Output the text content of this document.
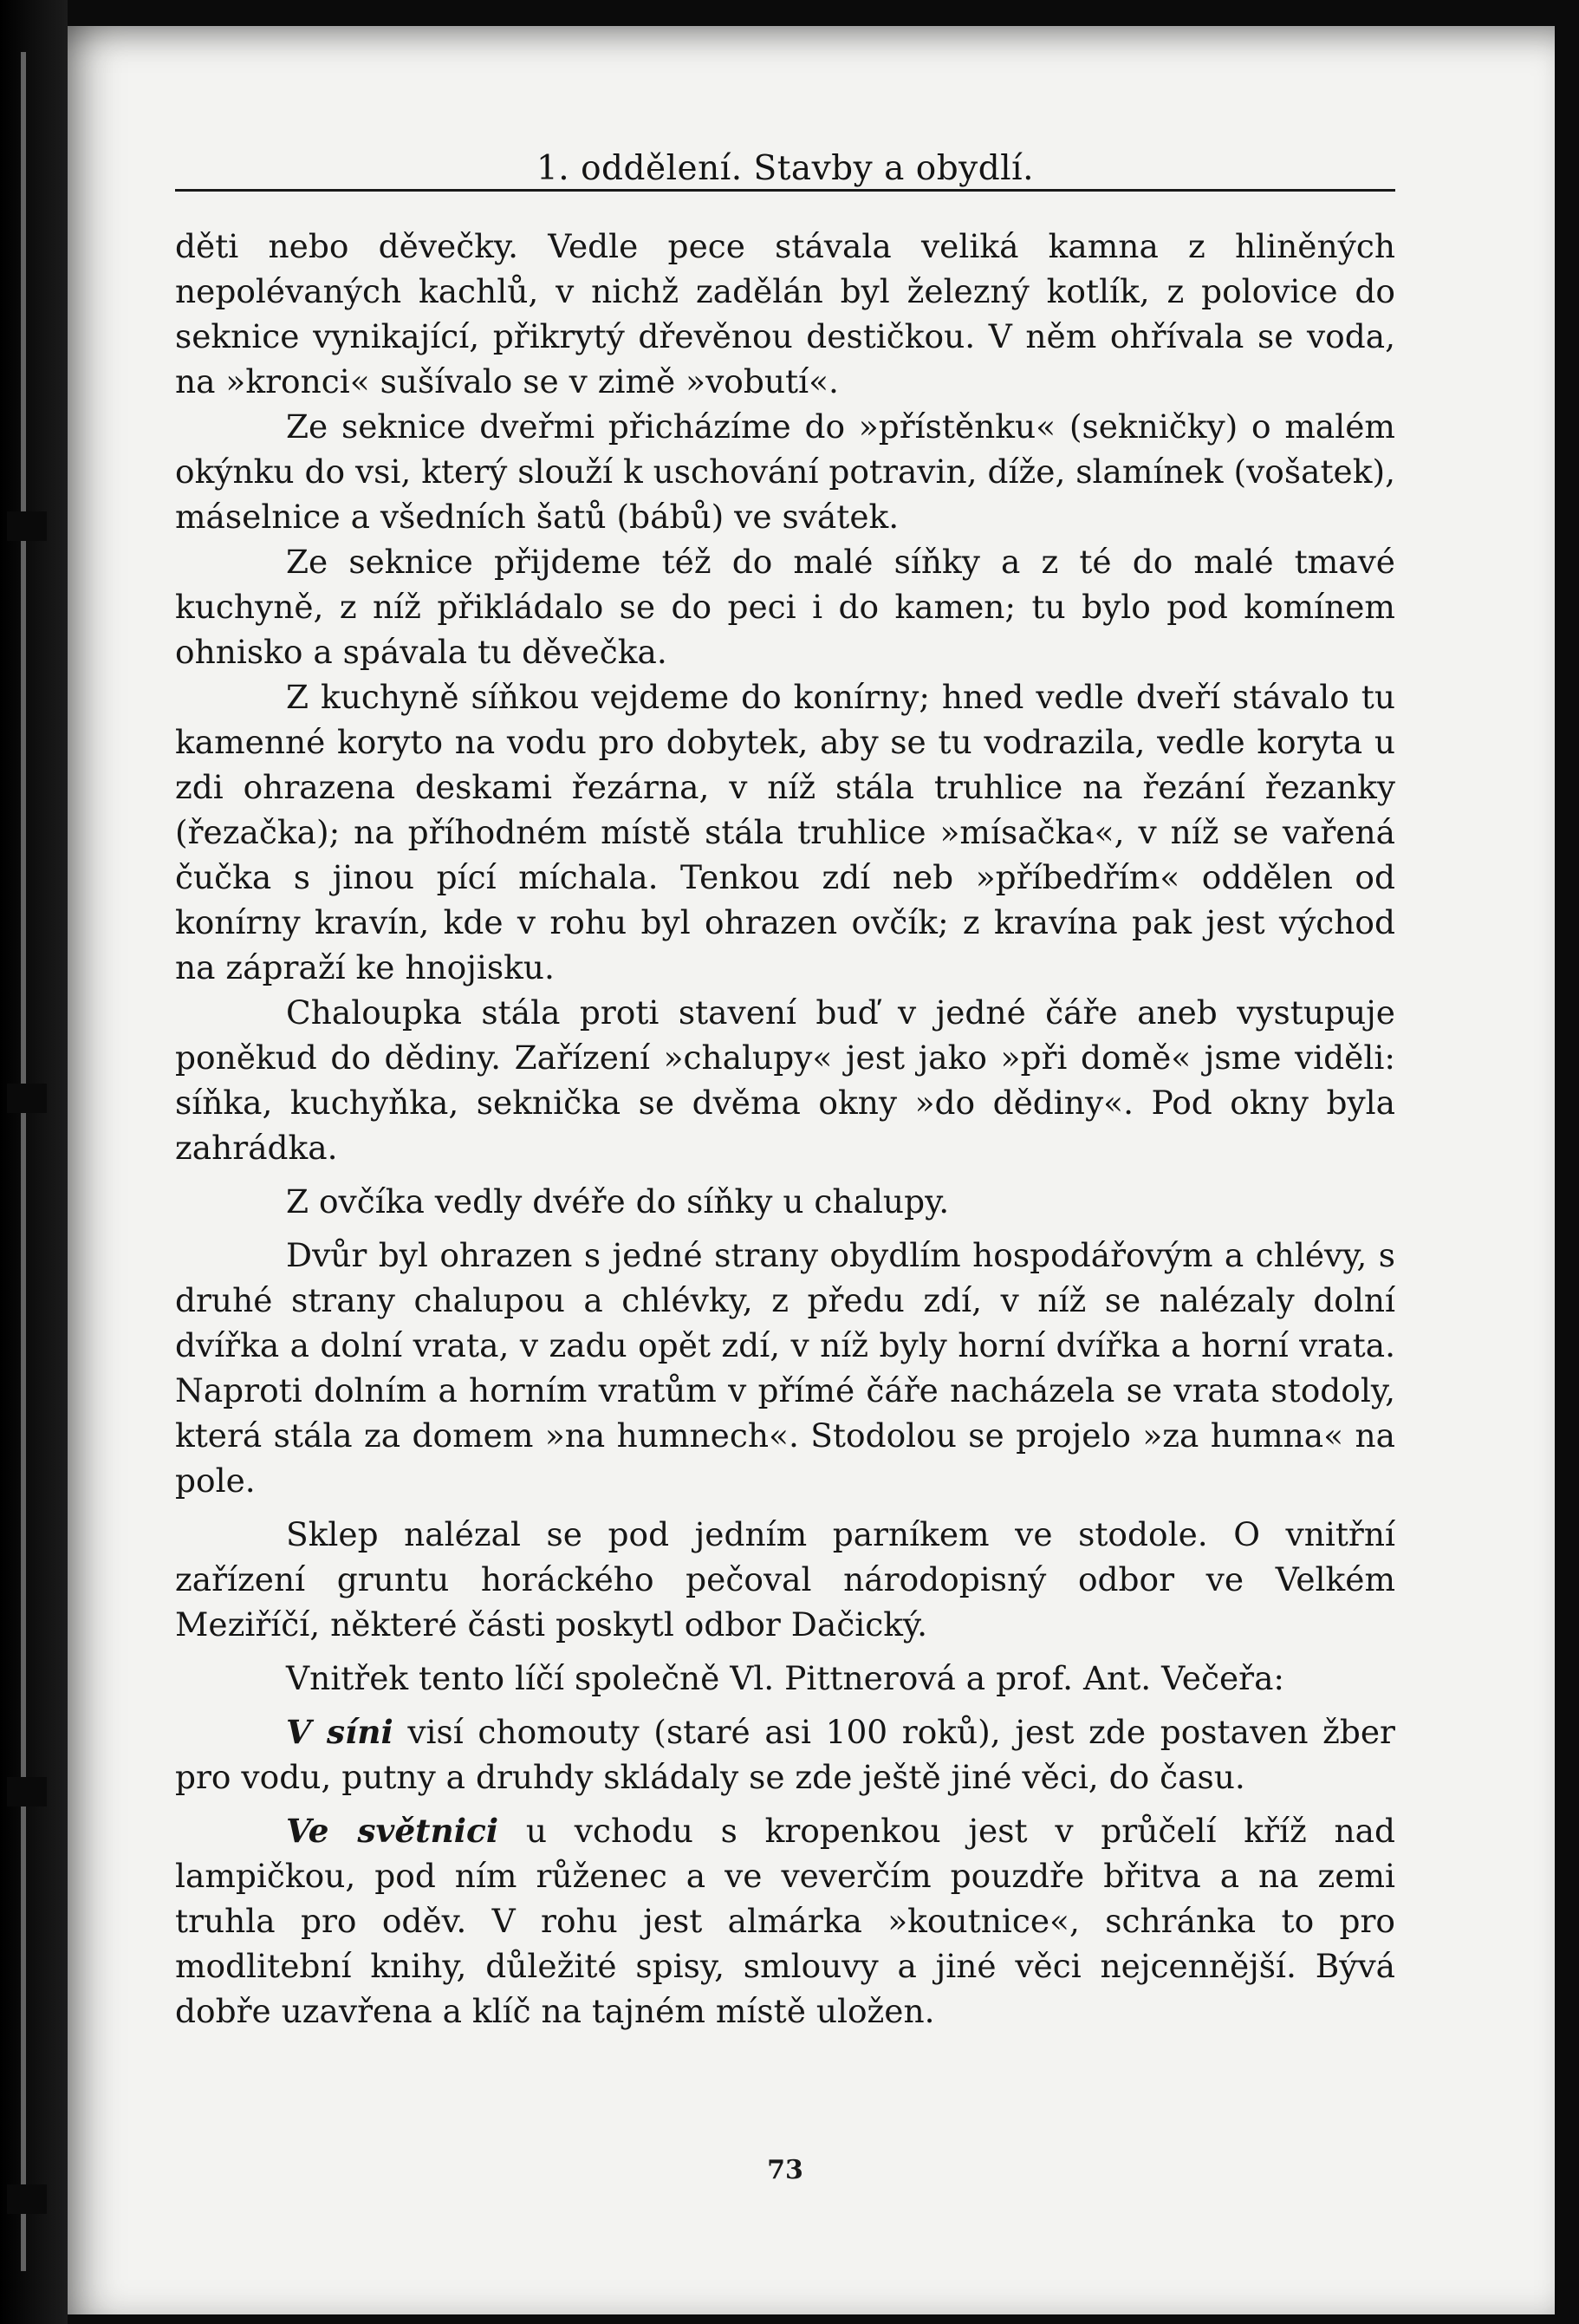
1. oddělení. Stavby a obydlí.

děti nebo děvečky. Vedle pece stávala veliká kamna z hliněných nepolévaných kachlů, v nichž zadělán byl železný kotlík, z polovice do seknice vynikající, přikrytý dřevěnou destičkou. V něm ohřívala se voda, na »kronci« sušívalo se v zimě »vobutí«.

Ze seknice dveřmi přicházíme do »přístěnku« (sekničky) o malém okýnku do vsi, který slouží k uschování potravin, díže, slamínek (vošatek), máselnice a všedních šatů (bábů) ve svátek.

Ze seknice přijdeme též do malé síňky a z té do malé tmavé kuchyně, z níž přikládalo se do peci i do kamen; tu bylo pod komínem ohnisko a spávala tu děvečka.

Z kuchyně síňkou vejdeme do konírny; hned vedle dveří stávalo tu kamenné koryto na vodu pro dobytek, aby se tu vodrazila, vedle koryta u zdi ohrazena deskami řezárna, v níž stála truhlice na řezání řezanky (řezačka); na příhodném místě stála truhlice »mísačka«, v níž se vařená čučka s jinou pící míchala. Tenkou zdí neb »příbedřím« oddělen od konírny kravín, kde v rohu byl ohrazen ovčík; z kravína pak jest východ na zápraží ke hnojisku.

Chaloupka stála proti stavení buď v jedné čáře aneb vystupuje poněkud do dědiny. Zařízení »chalupy« jest jako »při domě« jsme viděli: síňka, kuchyňka, seknička se dvěma okny »do dědiny«. Pod okny byla zahrádka.

Z ovčíka vedly dvéře do síňky u chalupy.

Dvůr byl ohrazen s jedné strany obydlím hospodářovým a chlévy, s druhé strany chalupou a chlévky, z předu zdí, v níž se nalézaly dolní dvířka a dolní vrata, v zadu opět zdí, v níž byly horní dvířka a horní vrata. Naproti dolním a horním vratům v přímé čáře nacházela se vrata stodoly, která stála za domem »na humnech«. Stodolou se projelo »za humna« na pole.

Sklep nalézal se pod jedním parníkem ve stodole. O vnitřní zařízení gruntu horáckého pečoval národopisný odbor ve Velkém Meziříčí, některé části poskytl odbor Dačický.

Vnitřek tento líčí společně Vl. Pittnerová a prof. Ant. Večeřa:

V síni visí chomouty (staré asi 100 roků), jest zde postaven žber pro vodu, putny a druhdy skládaly se zde ještě jiné věci, do času.

Ve světnici u vchodu s kropenkou jest v průčelí kříž nad lampičkou, pod ním růženec a ve veverčím pouzdře břitva a na zemi truhla pro oděv. V rohu jest almárka »koutnice«, schránka to pro modlitební knihy, důležité spisy, smlouvy a jiné věci nejcennější. Bývá dobře uzavřena a klíč na tajném místě uložen.

73
